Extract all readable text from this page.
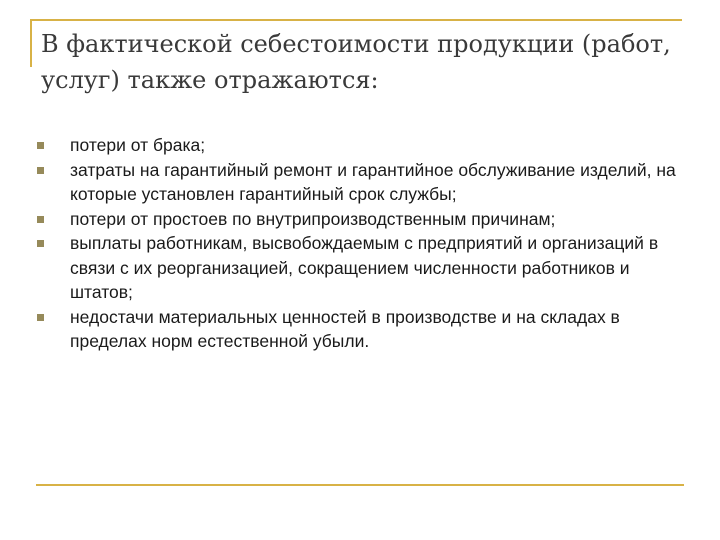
В фактической себестоимости продукции (работ, услуг) также отражаются:
потери от брака;
затраты на гарантийный ремонт и гарантийное обслуживание изделий, на которые установлен гарантийный срок службы;
потери от простоев по внутрипроизводственным причинам;
выплаты работникам, высвобождаемым с предприятий и организаций в связи с их реорганизацией, сокращением численности работников и штатов;
недостачи материальных ценностей в производстве и на складах в пределах норм естественной убыли.
